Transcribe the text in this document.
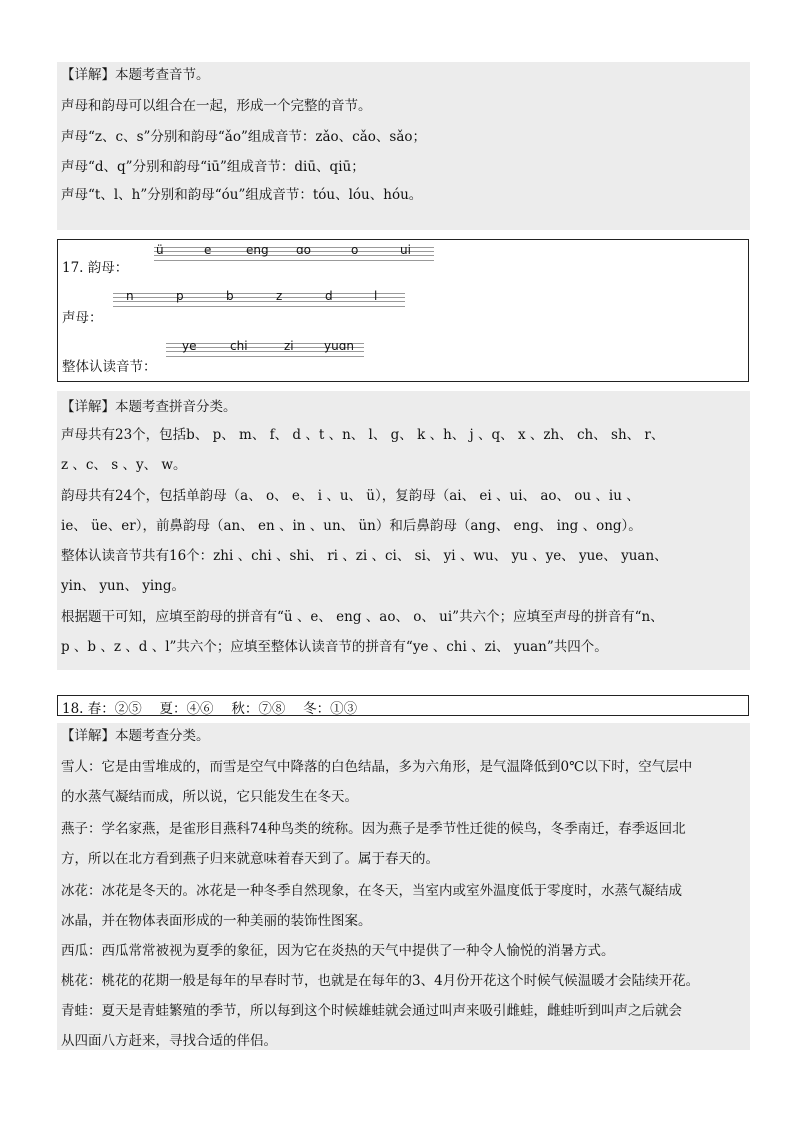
【详解】本题考查音节。
声母和韵母可以组合在一起，形成一个完整的音节。
声母“z、c、s”分别和韵母“ǎo”组成音节：zǎo、cǎo、sǎo；
声母“d、q”分别和韵母“iū”组成音节：diū、qiū；
声母“t、l、h”分别和韵母“óu”组成音节：tóu、lóu、hóu。
17. 韵母：
ü	e	eng ɑo	o	ui
声母：
n	p	b	z	d	l
整体认读音节：
ye	chi	zi	yuɑn
【详解】本题考查拼音分类。
声母共有23个，包括b、 p、 m、 f、 d 、t 、n、 l、 g、 k 、h、 j 、q、 x 、zh、 ch、 sh、 r、
z 、c、 s 、y、 w。
韵母共有24个，包括单韵母（a、 o、 e、 i 、u、 ü），复韵母（ai、 ei 、ui、 ao、 ou 、iu 、
ie、 üe、er），前鼻韵母（an、 en 、in 、un、 ün）和后鼻韵母（ang、 eng、 ing 、ong）。
整体认读音节共有16个：zhi 、chi 、shi、 ri 、zi 、ci、 si、 yi 、wu、 yu 、ye、 yue、 yuan、
yin、 yun、 ying。
根据题干可知，应填至韵母的拼音有“ü 、e、 eng 、ao、 o、 ui”共六个；应填至声母的拼音有“n、
p 、b 、z 、d 、l”共六个；应填至整体认读音节的拼音有“ye 、chi 、zi、 yuan”共四个。
18. 春：②⑤　 夏：④⑥　 秋：⑦⑧　 冬：①③
【详解】本题考查分类。
雪人：它是由雪堆成的，而雪是空气中降落的白色结晶，多为六角形，是气温降低到0℃以下时，空气层中
的水蒸气凝结而成，所以说，它只能发生在冬天。
燕子：学名家燕，是雀形目燕科74种鸟类的统称。因为燕子是季节性迁徙的候鸟，冬季南迁，春季返回北
方，所以在北方看到燕子归来就意味着春天到了。属于春天的。
冰花：冰花是冬天的。冰花是一种冬季自然现象，在冬天，当室内或室外温度低于零度时，水蒸气凝结成
冰晶，并在物体表面形成的一种美丽的装饰性图案。
西瓜：西瓜常常被视为夏季的象征，因为它在炎热的天气中提供了一种令人愉悦的消暑方式。
桃花：桃花的花期一般是每年的早春时节，也就是在每年的3、4月份开花这个时候气候温暖才会陆续开花。
青蛙：夏天是青蛙繁殖的季节，所以每到这个时候雄蛙就会通过叫声来吸引雌蛙，雌蛙听到叫声之后就会
从四面八方赶来，寻找合适的伴侣。
